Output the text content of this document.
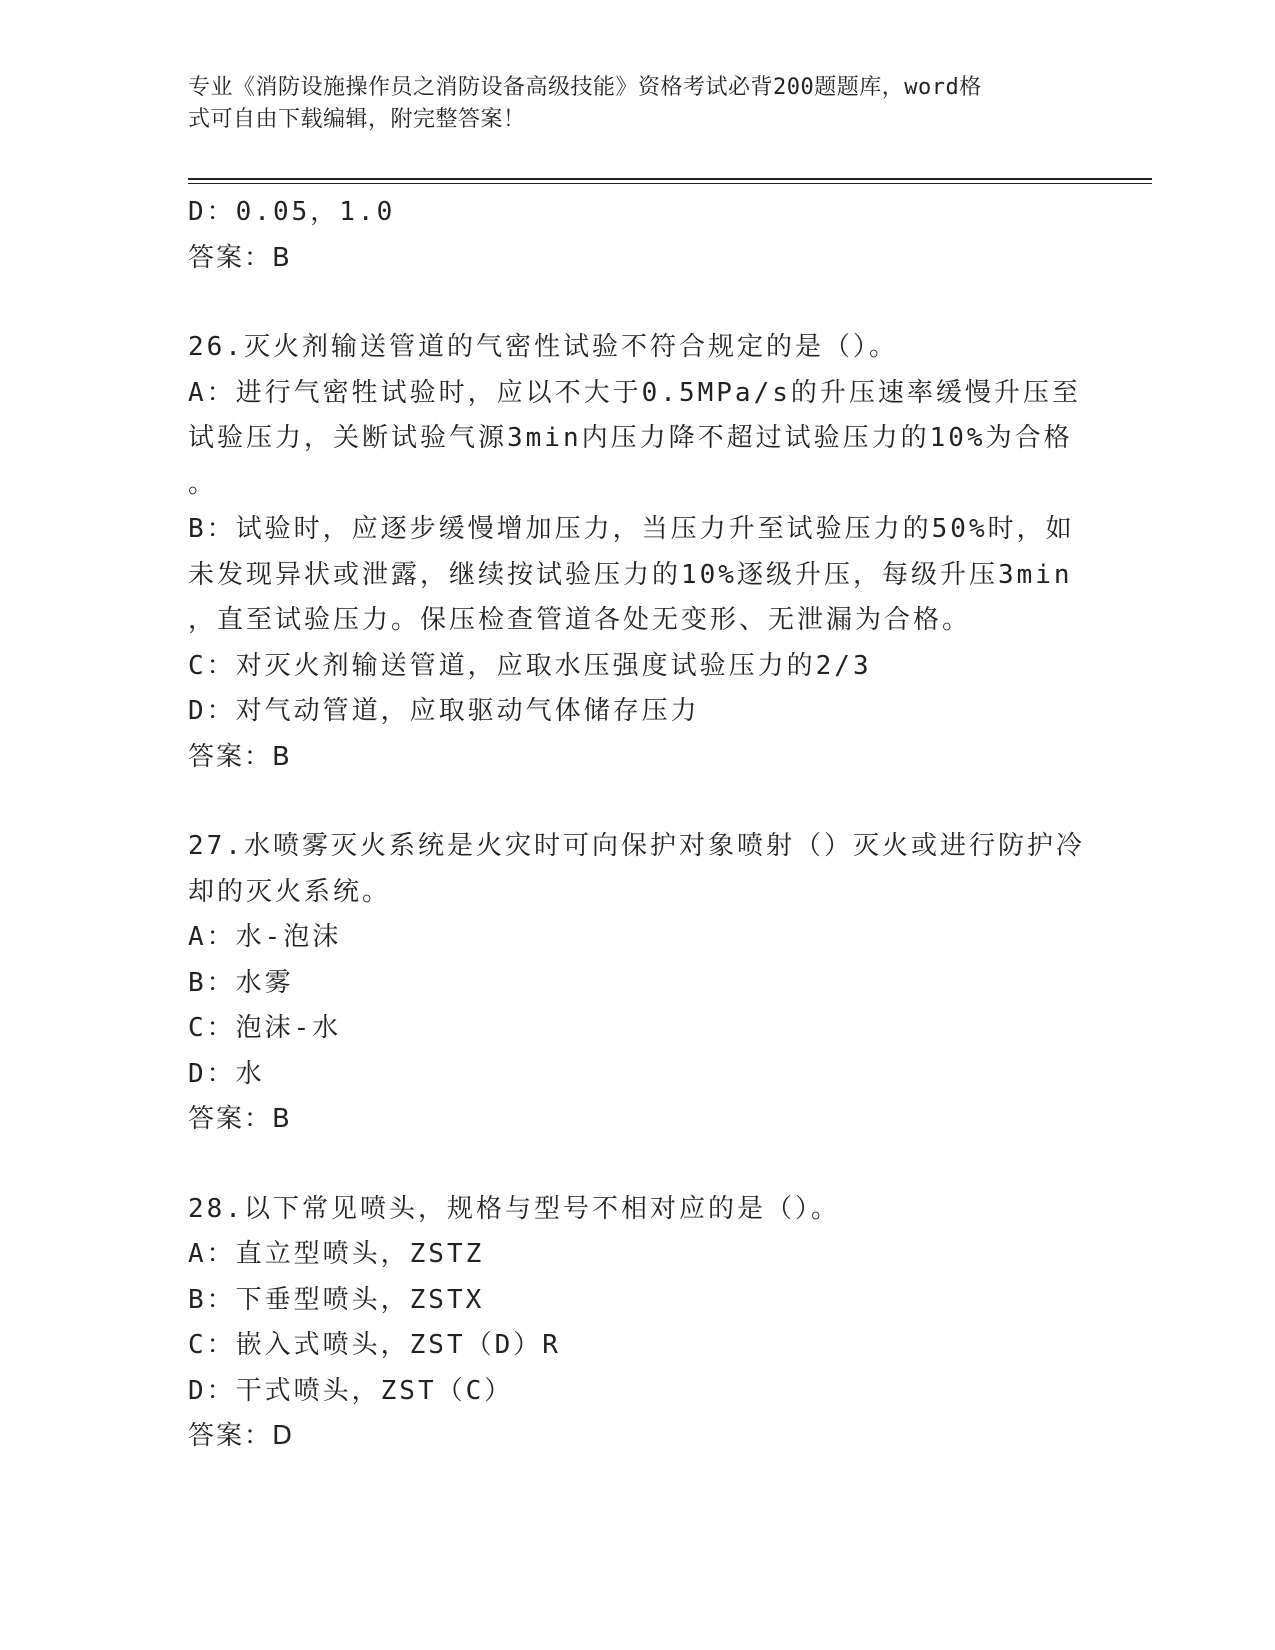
专业《消防设施操作员之消防设备高级技能》资格考试必背200题题库，word格
式可自由下载编辑，附完整答案！
D：0.05，1.0
答案：B
26.灭火剂输送管道的气密性试验不符合规定的是（）。
A：进行气密牲试验时，应以不大于0.5MPa/s的升压速率缓慢升压至
试验压力，关断试验气源3min内压力降不超过试验压力的10%为合格
。
B：试验时，应逐步缓慢增加压力，当压力升至试验压力的50%时，如
未发现异状或泄露，继续按试验压力的10%逐级升压，每级升压3min
，直至试验压力。保压检查管道各处无变形、无泄漏为合格。
C：对灭火剂输送管道，应取水压强度试验压力的2/3
D：对气动管道，应取驱动气体储存压力
答案：B
27.水喷雾灭火系统是火灾时可向保护对象喷射（）灭火或进行防护冷
却的灭火系统。
A：水-泡沫
B：水雾
C：泡沫-水
D：水
答案：B
28.以下常见喷头，规格与型号不相对应的是（）。
A：直立型喷头，ZSTZ
B：下垂型喷头，ZSTX
C：嵌入式喷头，ZST（D）R
D：干式喷头，ZST（C）
答案：D
